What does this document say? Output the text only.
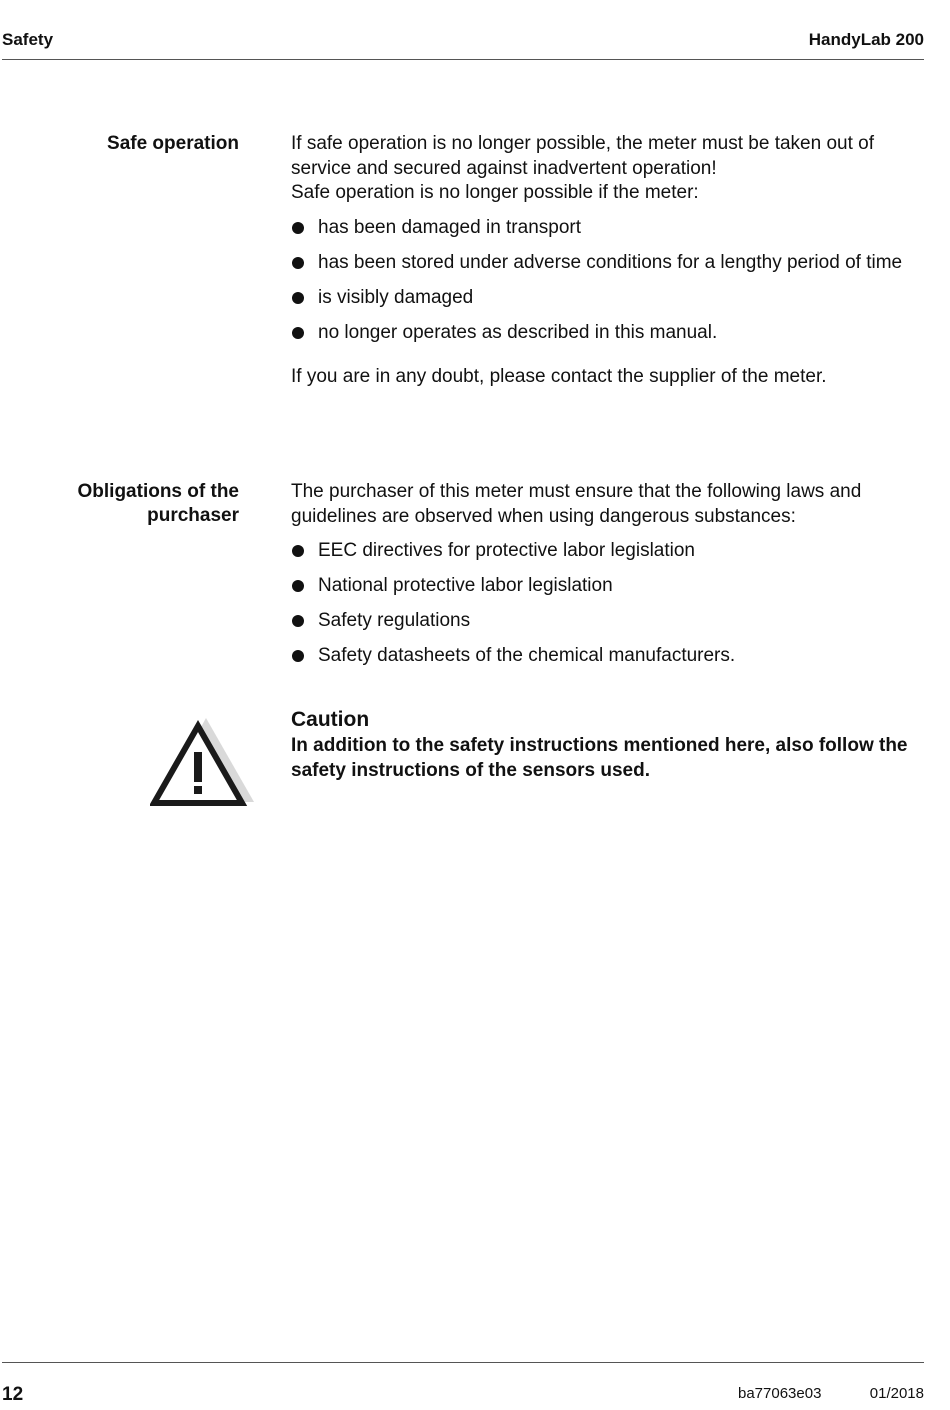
Safety	HandyLab 200
Safe operation	If safe operation is no longer possible, the meter must be taken out of service and secured against inadvertent operation!

Safe operation is no longer possible if the meter:

has been damaged in transport
has been stored under adverse conditions for a lengthy period of time
is visibly damaged
no longer operates as described in this manual.

If you are in any doubt, please contact the supplier of the meter.

Obligations of the purchaser

The purchaser of this meter must ensure that the following laws and guidelines are observed when using dangerous substances:

EEC directives for protective labor legislation
National protective labor legislation
Safety regulations
Safety datasheets of the chemical manufacturers.
Caution
In addition to the safety instructions mentioned here, also follow the safety instructions of the sensors used.
12	ba77063e03	01/2018
